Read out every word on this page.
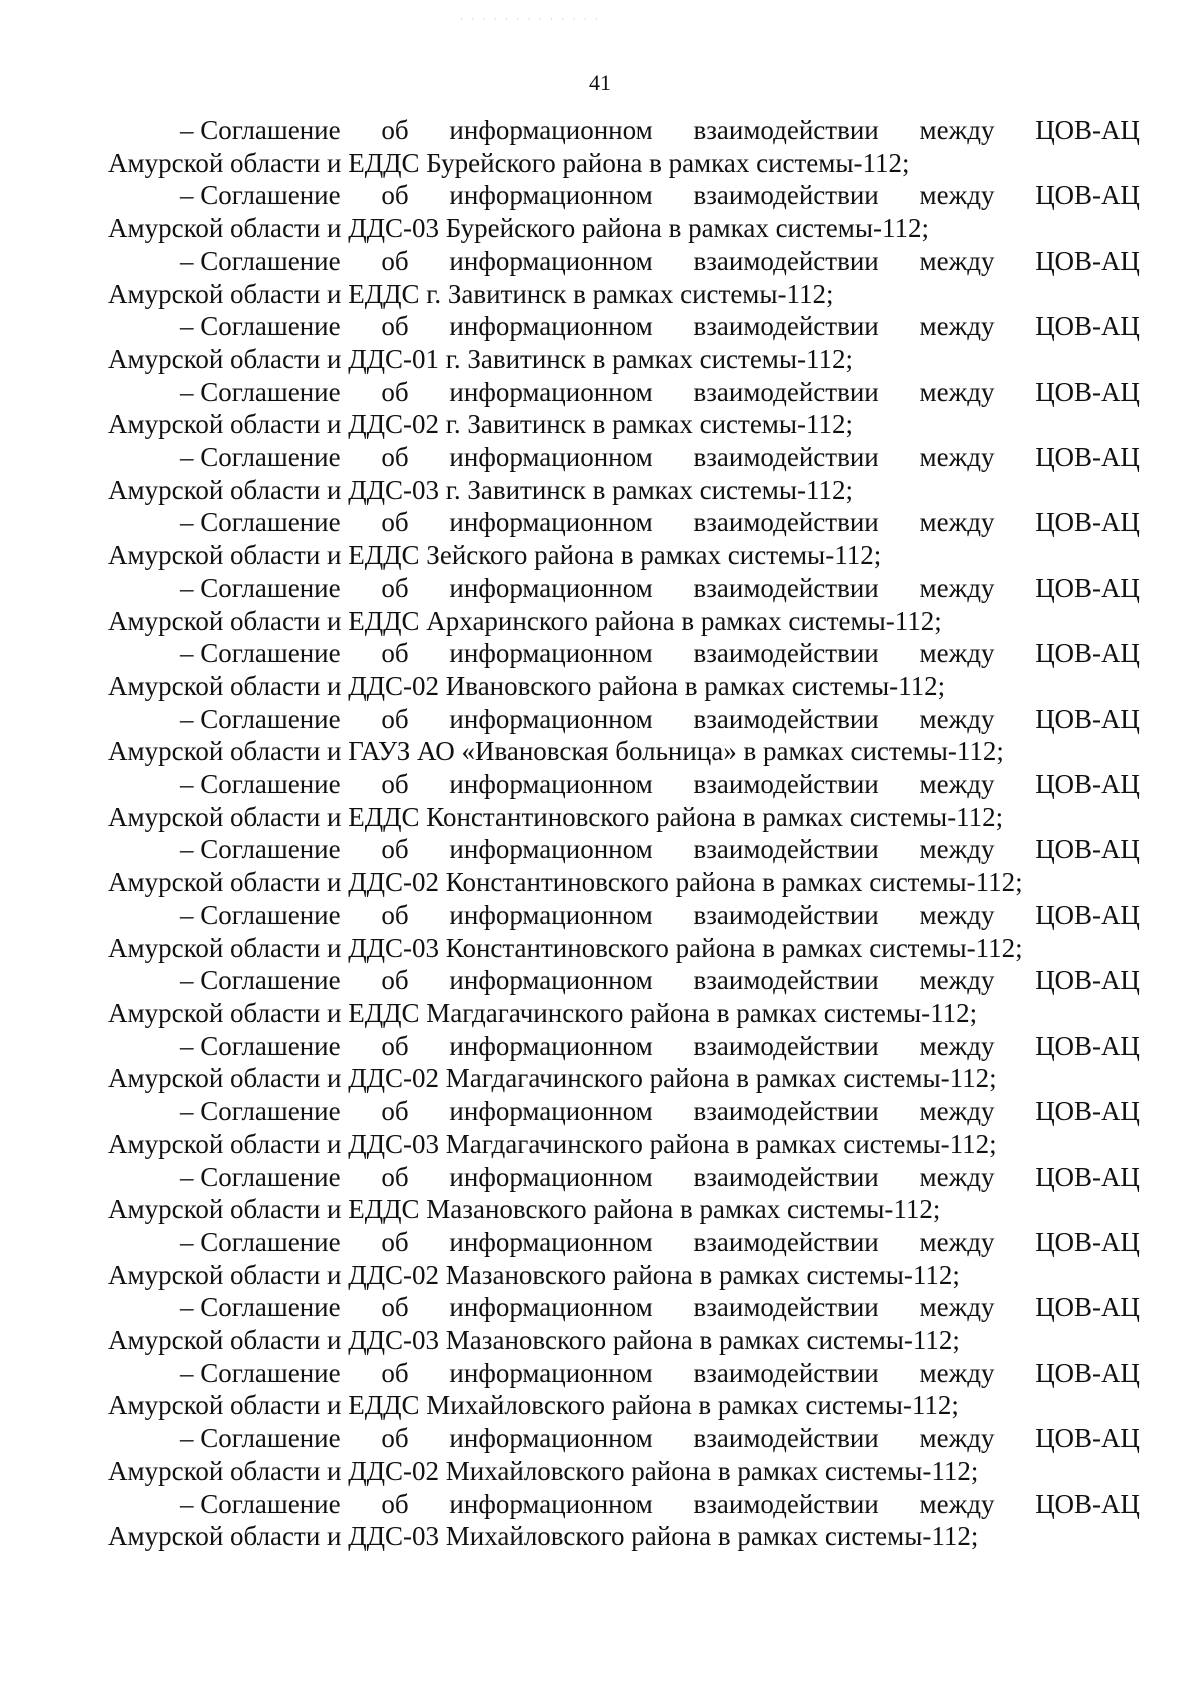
· · · · · · · · · · · · ·
41

– Соглашение об информационном взаимодействии между ЦОВ-АЦ
Амурской области и ЕДДС Бурейского района в рамках системы-112;

– Соглашение об информационном взаимодействии между ЦОВ-АЦ
Амурской области и ДДС-03 Бурейского района в рамках системы-112;

– Соглашение об информационном взаимодействии между ЦОВ-АЦ
Амурской области и ЕДДС г. Завитинск в рамках системы-112;

– Соглашение об информационном взаимодействии между ЦОВ-АЦ
Амурской области и ДДС-01 г. Завитинск в рамках системы-112;

– Соглашение об информационном взаимодействии между ЦОВ-АЦ
Амурской области и ДДС-02 г. Завитинск в рамках системы-112;

– Соглашение об информационном взаимодействии между ЦОВ-АЦ
Амурской области и ДДС-03 г. Завитинск в рамках системы-112;

– Соглашение об информационном взаимодействии между ЦОВ-АЦ
Амурской области и ЕДДС Зейского района в рамках системы-112;

– Соглашение об информационном взаимодействии между ЦОВ-АЦ
Амурской области и ЕДДС Архаринского района в рамках системы-112;

– Соглашение об информационном взаимодействии между ЦОВ-АЦ
Амурской области и ДДС-02 Ивановского района в рамках системы-112;

– Соглашение об информационном взаимодействии между ЦОВ-АЦ
Амурской области и ГАУЗ АО «Ивановская больница» в рамках системы-112;

– Соглашение об информационном взаимодействии между ЦОВ-АЦ
Амурской области и ЕДДС Константиновского района в рамках системы-112;

– Соглашение об информационном взаимодействии между ЦОВ-АЦ
Амурской области и ДДС-02 Константиновского района в рамках системы-112;

– Соглашение об информационном взаимодействии между ЦОВ-АЦ
Амурской области и ДДС-03 Константиновского района в рамках системы-112;

– Соглашение об информационном взаимодействии между ЦОВ-АЦ
Амурской области и ЕДДС Магдагачинского района в рамках системы-112;

– Соглашение об информационном взаимодействии между ЦОВ-АЦ
Амурской области и ДДС-02 Магдагачинского района в рамках системы-112;

– Соглашение об информационном взаимодействии между ЦОВ-АЦ
Амурской области и ДДС-03 Магдагачинского района в рамках системы-112;

– Соглашение об информационном взаимодействии между ЦОВ-АЦ
Амурской области и ЕДДС Мазановского района в рамках системы-112;

– Соглашение об информационном взаимодействии между ЦОВ-АЦ
Амурской области и ДДС-02 Мазановского района в рамках системы-112;

– Соглашение об информационном взаимодействии между ЦОВ-АЦ
Амурской области и ДДС-03 Мазановского района в рамках системы-112;

– Соглашение об информационном взаимодействии между ЦОВ-АЦ
Амурской области и ЕДДС Михайловского района в рамках системы-112;

– Соглашение об информационном взаимодействии между ЦОВ-АЦ
Амурской области и ДДС-02 Михайловского района в рамках системы-112;

– Соглашение об информационном взаимодействии между ЦОВ-АЦ
Амурской области и ДДС-03 Михайловского района в рамках системы-112;
